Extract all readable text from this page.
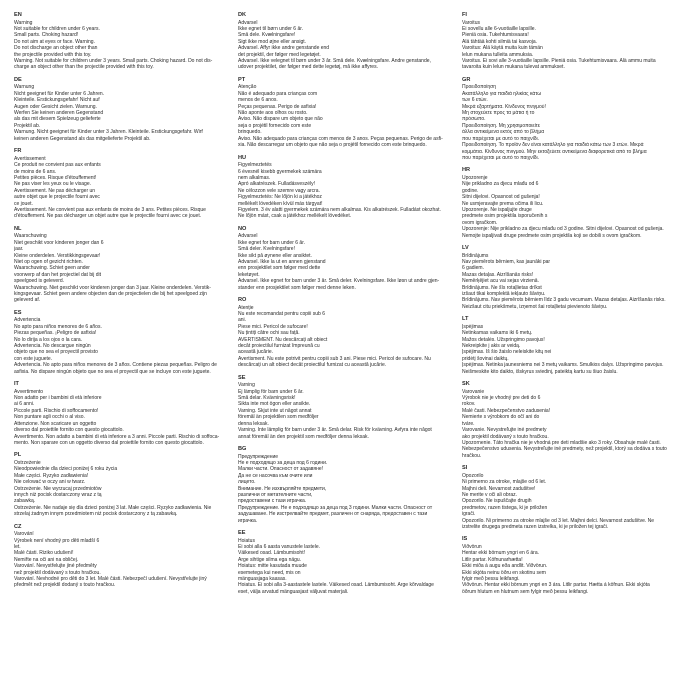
EN
Warning
Not suitable for children under 6 years.
Small parts. Choking hazard!
Do not aim at eyes or face. Warning.
Do not discharge an object other than
the projectile provided with this toy.
Warning. Not suitable for children under 3 years. Small parts. Choking hazard. Do not dis-
charge an object other than the projectile provided with this toy.
DE
Warnung
Nicht geeignet für Kinder unter 6 Jahren.
Kleinteile. Erstickungsgefahr! Nicht auf
Augen oder Gesicht zielen. Warnung.
Werfen Sie keinen anderen Gegenstand
als das mit diesem Spielzeug gelieferte
Projektil ab.
Warnung. Nicht geeignet für Kinder unter 3 Jahren. Kleinteile. Erstickungsgefahr. Wirf
keinen anderen Gegenstand als das mitgelieferte Projektil ab.
FR
Avertissement
Ce produit ne convient pas aux enfants
de moins de 6 ans.
Petites pièces. Risque d'étouffement!
Ne pas viser les yeux ou le visage.
Avertissement. Ne pas décharger un
autre objet que le projectile fourni avec
ce jouet.
Avertissement. Ne convient pas aux enfants de moins de 3 ans. Petites pièces. Risque
d'étouffement. Ne pas décharger un objet autre que le projectile fourni avec ce jouet.
NL
Waarschuwing
Niet geschikt voor kinderen jonger dan 6
jaar.
Kleine onderdelen. Verstikkingsgevaar!
Niet op ogen of gezicht richten.
Waarschuwing. Schiet geen ander
voorwerp af dan het projectiel dat bij dit
speelgoed is geleverd.
Waarschuwing. Niet geschikt voor kinderen jonger dan 3 jaar. Kleine onderdelen. Verstik-
kingsgevaar. Schiet geen andere objecten dan de projectielen die bij het speelgoed zijn
geleverd af.
ES
Advertencia
No apto para niños menores de 6 años.
Piezas pequeñas. ¡Peligro de asfixia!
No lo dirija a los ojos o la cara.
Advertencia. No descargue ningún
objeto que no sea el proyectil provisto
con este juguete.
Advertencia. No apto para niños menores de 3 años. Contiene piezas pequeñas. Peligro de
asfixia. No dispare ningún objeto que no sea el proyectil que se incluye con este juguete.
IT
Avvertimento
Non adatto per i bambini di età inferiore
ai 6 anni.
Piccole parti. Rischio di soffocamento!
Non puntare agli occhi o al viso.
Attenzione. Non scaricare un oggetto
diverso dal proiettile fornito con questo giocattolo.
Avvertimento. Non adatto a bambini di età inferiore a 3 anni. Piccole parti. Rischio di soffoca-
mento. Non sparare con un oggetto diverso dal proiettile fornito con questo giocattolo.
PL
Ostrzeżenie
Nieodpowiednie dla dzieci poniżej 6 roku życia
Małe części. Ryzyko zadławienia!
Nie celować w oczy ani w twarz.
Ostrzeżenie. Nie wyrzucaj przedmiotów
innych niż pocisk dostarczony wraz z tą
zabawką.
Ostrzeżenie. Nie nadaje się dla dzieci poniżej 3 lat. Małe części. Ryzyko zadławienia. Nie
strzelaj żadnym innym przedmiotem niż pocisk dostarczony z tą zabawką.
CZ
Varování
Výrobek není vhodný pro děti mladší 6
let.
Malé části. Riziko udušení!
Nemiřte na oči ani na obličej.
Varování. Nevystřelujte jiné předměty
než projektil dodávaný s touto hračkou.
Varování. Nevhodné pro děti do 3 let. Malé části. Nebezpečí udušení. Nevystřelujte jiný
předmět než projektil dodaný s touto hračkou.
DK
Advarsel
Ikke egnet til børn under 6 år.
Små dele. Kvælningsfare!
Sigt ikke mod øjne eller ansigt.
Advarsel. Affyr ikke andre genstande end
det projektil, der følger med legetøjet.
Advarsel. Ikke velegnet til børn under 3 år. Små dele. Kvælningsfare. Andre genstande,
udover projektilet, der følger med dette legetøj, må ikke affyres.
PT
Atenção
Não é adequado para crianças com
menos de 6 anos.
Peças pequenas. Perigo de asfixia!
Não aponte aos olhos ou rosto.
Aviso. Não dispare um objeto que não
seja o projétil fornecido com este
brinquedo.
Aviso. Não adequado para crianças com menos de 3 anos. Peças pequenas. Perigo de asfi-
xia. Não descarregar um objeto que não seja o projétil fornecido com este brinquedo.
HU
Figyelmeztetés
6 évesnél kisebb gyermekek számára
nem alkalmas.
Apró alkatrészek. Fulladásveszély!
Ne célozzon vele szemre vagy arcra.
Figyelmeztetés: Ne lőjön ki a játékhoz
mellékelt lövedéken kívül más tárgyat!
Figyelem. 3 év alatti gyermekek számára nem alkalmas. Kis alkatrészek. Fulladást okozhat.
Ne lőjön mást, csak a játékhoz mellékelt lövedéket.
NO
Advarsel
Ikke egnet for barn under 6 år.
Små deler. Kvelningsfare!
Ikke sikt på øynene eller ansiktet.
Advarsel. Ikke la ut en annen gjenstand
enn prosjektilet som følger med dette
leketøyet.
Advarsel. Ikke egnet for barn under 3 år. Små deler. Kvelningsfare. Ikke løsn ut andre gjen-
stander enn prosjektilet som følger med denne leken.
RO
Atenție
Nu este recomandat pentru copiii sub 6
ani.
Piese mici. Pericol de sufocare!
Nu țintiți către ochi sau față.
AVERTISMENT. Nu descărcați alt obiect
decât proiectilul furnizat împreună cu
această jucărie.
Avertisment. Nu este potrivit pentru copiii sub 3 ani. Piese mici. Pericol de sufocare. Nu
descărcați un alt obiect decât proiectilul furnizat cu această jucărie.
SE
Varning
Ej lämplig för barn under 6 år.
Små delar. Kvävningsrisk!
Sikta inte mot ögon eller ansikte.
Varning. Skjut inte ut något annat
föremål än projektilen som medföljer
denna leksak.
Varning. Inte lämplig för barn under 3 år. Små delar. Risk för kvävning. Avfyra inte något
annat föremål än den projektil som medföljer denna leksak.
BG
Предупреждение
Не е подходящо за деца под 6 години.
Малки части. Опасност от задавяне!
Да не се насочва към очите или
лицето.
Внимание. Не изхвърляйте предмети,
различни от метателните части,
предоставени с тази играчка.
Предупреждение. Не е подходящо за деца под 3 години. Малки части. Опасност от
задушаване. Не изстрелвайте предмет, различен от снаряда, предоставен с тази
играчка.
EE
Hoiatus
Ei sobi alla 6 aasta vanustele lastele.
Väikesed osad. Lämbumisoht!
Ärge sihtige silma ega nägu.
Hoiatus: mitte kasutada muude
esemetega kui need, mis on
mänguasjaga kaasas.
Hoiatus. Ei sobi alla 3-aastastele lastele. Väikesed osad. Lämbumisoht. Ärge kõrvaldage
eset, välja arvatud mänguasjast väljuvat materjali.
FI
Varoitus
Ei sovellu alle 6-vuotiaille lapsille.
Pieniä osia. Tukehtumisvaara!
Älä tähtää kohti silmiä tai kasvoja.
Varoitus: Älä käytä muita kuin tämän
lelun mukana tulleita ammuksia.
Varoitus. Ei sovi alle 3-vuotiaille lapsille. Pieniä osia. Tukehtumisvaara. Älä ammu muita
tavaroita kuin lelun mukana tulevat ammukset.
GR
Προειδοποίηση
Ακατάλληλο για παιδιά ηλικίας κάτω
των 6 ετών.
Μικρά εξαρτήματα. Κίνδυνος πνιγμού!
Μη στοχεύετε προς τα μάτια ή το
πρόσωπο.
Προειδοποίηση. Μη χρησιμοποιείτε
άλλα αντικείμενα εκτός από το βλήμα
που παρέχεται με αυτό το παιχνίδι.
Προειδοποίηση. Το προϊόν δεν είναι κατάλληλο για παιδιά κάτω των 3 ετών. Μικρά
κομμάτια. Κίνδυνος πνιγμού. Μην εκτοξεύετε αντικείμενα διαφορετικά από το βλήμα
που παρέχεται με αυτό το παιχνίδι.
HR
Upozorenje
Nije prikladno za djecu mlađu od 6
godine.
Sitni dijelovi. Opasnost od gušenja!
Ne usmjeravajte prema očima ili licu.
Upozorenje. Ne ispaljujte druge
predmete osim projektila isporučenih s
ovom igračkom.
Upozorenje: Nije prikladno za djecu mlađu od 3 godine. Sitni dijelovi. Opasnost od gušenja.
Nemojte ispaljivati druge predmete osim projektila koji se dobili s ovom igračkom.
LV
Brīdinājums
Nav piemērots bērniem, kas jaunāki par
6 gadiem.
Mazas detaļas. Aizrīšanās risks!
Nemērķējiet acu vai sejas virzienā.
Brīdinājums. Ne šīs rotaļlietas drīkst
izšaut tikai komplektā iekļauto šāviņu.
Brīdinājums. Nav piemērots bērniem līdz 3 gadu vecumam. Mazas detaļas. Aizrīšanās risks.
Neizšaut citu priekšmetu, izņemot šai rotaļlietai pievienoto šāviņu.
LT
Įspėjimas
Netinkamas vaikams iki 6 metų.
Mažos detalės. Užspringimo pavojus!
Nekreipkite į akis ar veidą.
Įspėjimas. Iš šio žaislo neleiskite kitų nei
pridėtį šovinai daiktų.
Įspėjimas. Netinka jaunesniems nei 3 metų vaikams. Smulkios dalys. Užspringimo pavojus.
Neišmeskite kito daikto, išskyrus sviedinį, pateiktą kartu su šiuo žaislu.
SK
Varovanie
Výrobok nie je vhodný pre deti do 6
rokov.
Malé časti. Nebezpečenstvo zadusenia!
Nemierte s výrobkom do očí ani do
tváre.
Varovanie. Nevystreľujte iné predmety
ako projektil dodávaný s touto hračkou.
Upozornenie. Táto hračka nie je vhodná pre deti mladšie ako 3 roky. Obsahuje malé časti.
Nebezpečenstvo udusenia. Nevystreľujte iné predmety, než projektil, ktorý sa dodáva s touto
hračkou.
SI
Opozorilo
Ni primerno za otroke, mlajše od 6 let.
Majhni deli. Nevarnost zadušitve!
Ne merite v oči ali obraz.
Opozorilo. Ne ispuščajte drugih
predmetov, razen tistega, ki je priložen
igrači.
Opozorilo. Ni primerno za otroke mlajše od 3 let. Majhni delci. Nevarnost zadušitve. Ne
izstrelite drugega predmeta razen izstrelka, ki je priložen tej igrači.
IS
Viðvörun
Hentar ekki börnum yngri en 6 ára.
Litlir partar. Köfnunarhætta!
Ekki miða á augu eða andlit. Viðvörun.
Ekki skjóta neinu öðru en skotinu sem
fylgir með þessu leikfangi.
Viðvörun. Hentar ekki börnum yngri en 3 ára. Litlir partar. Hætta á köfnun. Ekki skjóta
öðrum hlutum en hlutnum sem fylgir með þessu leikfangi.
